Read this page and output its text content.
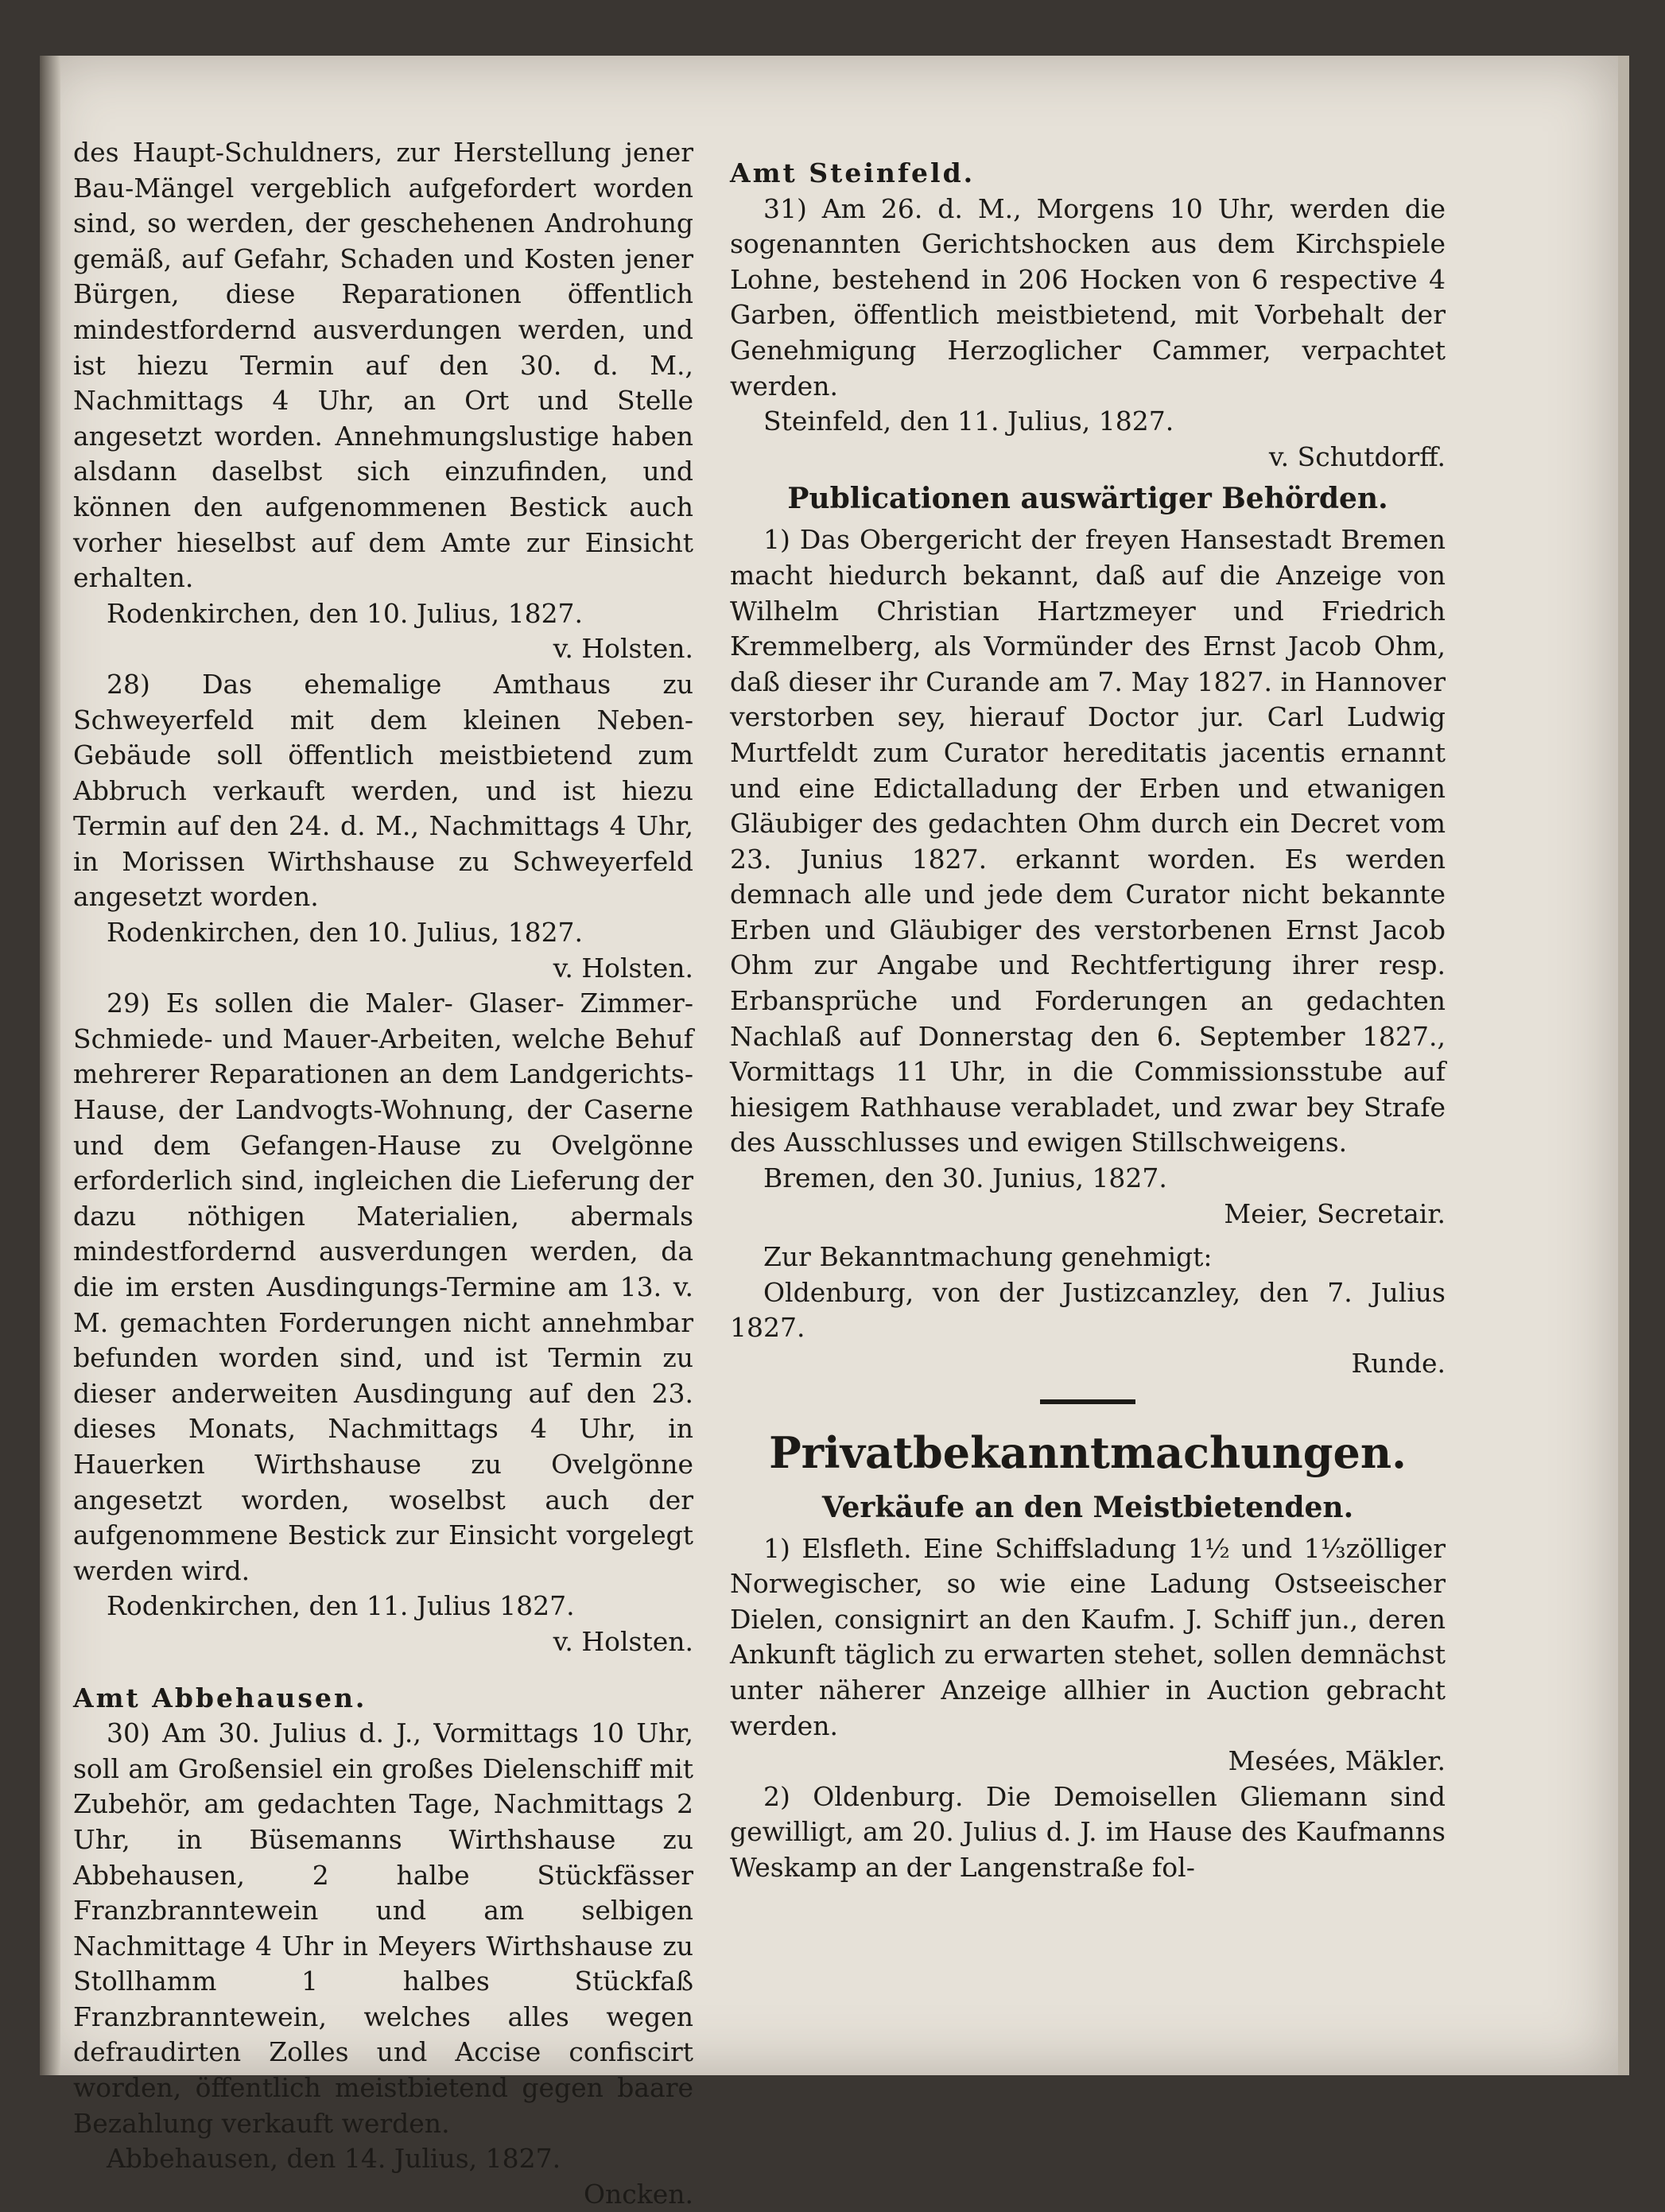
des Haupt-Schuldners, zur Herstellung jener Bau-Mängel vergeblich aufgefordert worden sind, so werden, der geschehenen Androhung gemäß, auf Gefahr, Schaden und Kosten jener Bürgen, diese Reparationen öffentlich mindestfordernd ausverdungen werden, und ist hiezu Termin auf den 30. d. M., Nachmittags 4 Uhr, an Ort und Stelle angesetzt worden. Annehmungslustige haben alsdann daselbst sich einzufinden, und können den aufgenommenen Bestick auch vorher hieselbst auf dem Amte zur Einsicht erhalten.

Rodenkirchen, den 10. Julius, 1827.

v. Holsten.

28) Das ehemalige Amthaus zu Schweyerfeld mit dem kleinen Neben-Gebäude soll öffentlich meistbietend zum Abbruch verkauft werden, und ist hiezu Termin auf den 24. d. M., Nachmittags 4 Uhr, in Morissen Wirthshause zu Schweyerfeld angesetzt worden.

Rodenkirchen, den 10. Julius, 1827.

v. Holsten.

29) Es sollen die Maler- Glaser- Zimmer- Schmiede- und Mauer-Arbeiten, welche Behuf mehrerer Reparationen an dem Landgerichts-Hause, der Landvogts-Wohnung, der Caserne und dem Gefangen-Hause zu Ovelgönne erforderlich sind, ingleichen die Lieferung der dazu nöthigen Materialien, abermals mindestfordernd ausverdungen werden, da die im ersten Ausdingungs-Termine am 13. v. M. gemachten Forderungen nicht annehmbar befunden worden sind, und ist Termin zu dieser anderweiten Ausdingung auf den 23. dieses Monats, Nachmittags 4 Uhr, in Hauerken Wirthshause zu Ovelgönne angesetzt worden, woselbst auch der aufgenommene Bestick zur Einsicht vorgelegt werden wird.

Rodenkirchen, den 11. Julius 1827.

v. Holsten.

Amt Abbehausen.

30) Am 30. Julius d. J., Vormittags 10 Uhr, soll am Großensiel ein großes Dielenschiff mit Zubehör, am gedachten Tage, Nachmittags 2 Uhr, in Büsemanns Wirthshause zu Abbehausen, 2 halbe Stückfässer Franzbranntewein und am selbigen Nachmittage 4 Uhr in Meyers Wirthshause zu Stollhamm 1 halbes Stückfaß Franzbranntewein, welches alles wegen defraudirten Zolles und Accise confiscirt worden, öffentlich meistbietend gegen baare Bezahlung verkauft werden.

Abbehausen, den 14. Julius, 1827.

Oncken.

Amt Steinfeld.

31) Am 26. d. M., Morgens 10 Uhr, werden die sogenannten Gerichtshocken aus dem Kirchspiele Lohne, bestehend in 206 Hocken von 6 respective 4 Garben, öffentlich meistbietend, mit Vorbehalt der Genehmigung Herzoglicher Cammer, verpachtet werden.

Steinfeld, den 11. Julius, 1827.

v. Schutdorff.

Publicationen auswärtiger Behörden.

1) Das Obergericht der freyen Hansestadt Bremen macht hiedurch bekannt, daß auf die Anzeige von Wilhelm Christian Hartzmeyer und Friedrich Kremmelberg, als Vormünder des Ernst Jacob Ohm, daß dieser ihr Curande am 7. May 1827. in Hannover verstorben sey, hierauf Doctor jur. Carl Ludwig Murtfeldt zum Curator hereditatis jacentis ernannt und eine Edictalladung der Erben und etwanigen Gläubiger des gedachten Ohm durch ein Decret vom 23. Junius 1827. erkannt worden. Es werden demnach alle und jede dem Curator nicht bekannte Erben und Gläubiger des verstorbenen Ernst Jacob Ohm zur Angabe und Rechtfertigung ihrer resp. Erbansprüche und Forderungen an gedachten Nachlaß auf Donnerstag den 6. September 1827., Vormittags 11 Uhr, in die Commissionsstube auf hiesigem Rathhause verabladet, und zwar bey Strafe des Ausschlusses und ewigen Stillschweigens.

Bremen, den 30. Junius, 1827.

Meier, Secretair.

Zur Bekanntmachung genehmigt:

Oldenburg, von der Justizcanzley, den 7. Julius 1827.

Runde.

Privatbekanntmachungen.

Verkäufe an den Meistbietenden.

1) Elsfleth. Eine Schiffsladung 1½ und 1⅓zölliger Norwegischer, so wie eine Ladung Ostseeischer Dielen, consignirt an den Kaufm. J. Schiff jun., deren Ankunft täglich zu erwarten stehet, sollen demnächst unter näherer Anzeige allhier in Auction gebracht werden.

Mesées, Mäkler.

2) Oldenburg. Die Demoisellen Gliemann sind gewilligt, am 20. Julius d. J. im Hause des Kaufmanns Weskamp an der Langenstraße fol-
